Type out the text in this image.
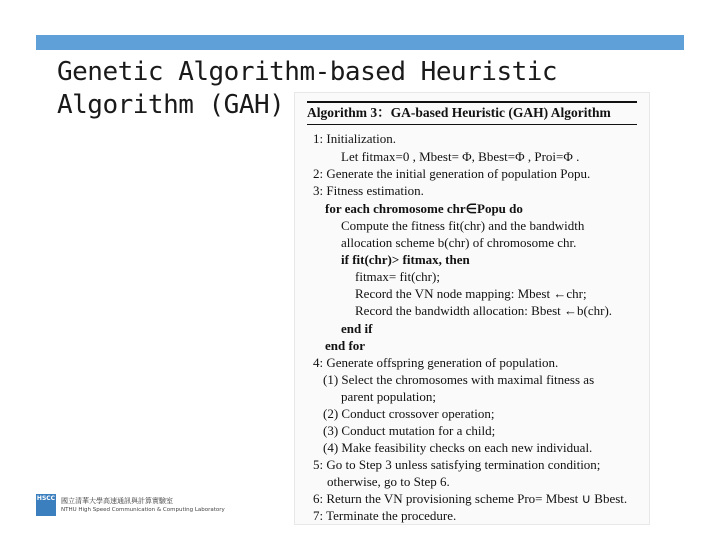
Genetic Algorithm-based Heuristic
Algorithm (GAH)	Algorithm 3：GA-based Heuristic (GAH) Algorithm
1: Initialization.
Let fitmax=0 , Mbest= Φ, Bbest=Φ , Proi=Φ .
2: Generate the initial generation of population Popu.
3: Fitness estimation.
for each chromosome chr∈Popu do
Compute the fitness fit(chr) and the bandwidth
allocation scheme b(chr) of chromosome chr.
if fit(chr)> fitmax, then
fitmax= fit(chr);
Record the VN node mapping: Mbest ←chr;
Record the bandwidth allocation: Bbest ←b(chr).
end if
end for
4: Generate offspring generation of population.
(1) Select the chromosomes with maximal fitness as
parent population;
(2) Conduct crossover operation;
(3) Conduct mutation for a child;
(4) Make feasibility checks on each new individual.
5: Go to Step 3 unless satisfying termination condition;
otherwise, go to Step 6.
6: Return the VN provisioning scheme Pro= Mbest ∪ Bbest.
7: Terminate the procedure.
HSCC 國立清華大學高速通訊與計算實驗室
NTHU High Speed Communication & Computing Laboratory
